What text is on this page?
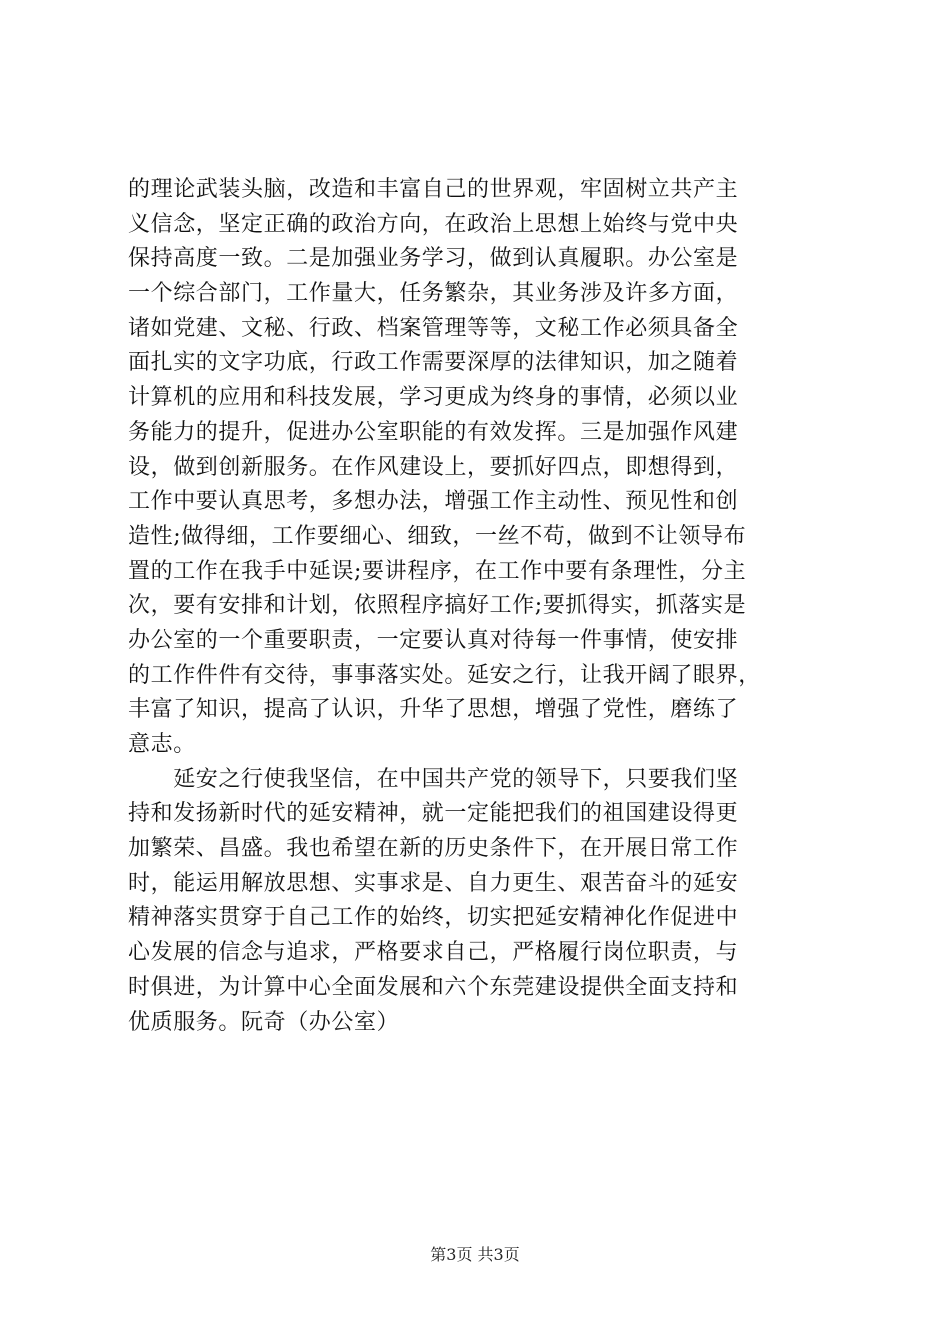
的理论武装头脑，改造和丰富自己的世界观，牢固树立共产主
义信念，坚定正确的政治方向，在政治上思想上始终与党中央
保持高度一致。二是加强业务学习，做到认真履职。办公室是
一个综合部门，工作量大，任务繁杂，其业务涉及许多方面，
诸如党建、文秘、行政、档案管理等等，文秘工作必须具备全
面扎实的文字功底，行政工作需要深厚的法律知识，加之随着
计算机的应用和科技发展，学习更成为终身的事情，必须以业
务能力的提升，促进办公室职能的有效发挥。三是加强作风建
设，做到创新服务。在作风建设上，要抓好四点，即想得到，
工作中要认真思考，多想办法，增强工作主动性、预见性和创
造性;做得细，工作要细心、细致，一丝不苟，做到不让领导布
置的工作在我手中延误;要讲程序，在工作中要有条理性，分主
次，要有安排和计划，依照程序搞好工作;要抓得实，抓落实是
办公室的一个重要职责，一定要认真对待每一件事情，使安排
的工作件件有交待，事事落实处。延安之行，让我开阔了眼界，
丰富了知识，提高了认识，升华了思想，增强了党性，磨练了
意志。
　　延安之行使我坚信，在中国共产党的领导下，只要我们坚
持和发扬新时代的延安精神，就一定能把我们的祖国建设得更
加繁荣、昌盛。我也希望在新的历史条件下，在开展日常工作
时，能运用解放思想、实事求是、自力更生、艰苦奋斗的延安
精神落实贯穿于自己工作的始终，切实把延安精神化作促进中
心发展的信念与追求，严格要求自己，严格履行岗位职责，与
时俱进，为计算中心全面发展和六个东莞建设提供全面支持和
优质服务。阮奇（办公室）
第3页 共3页
